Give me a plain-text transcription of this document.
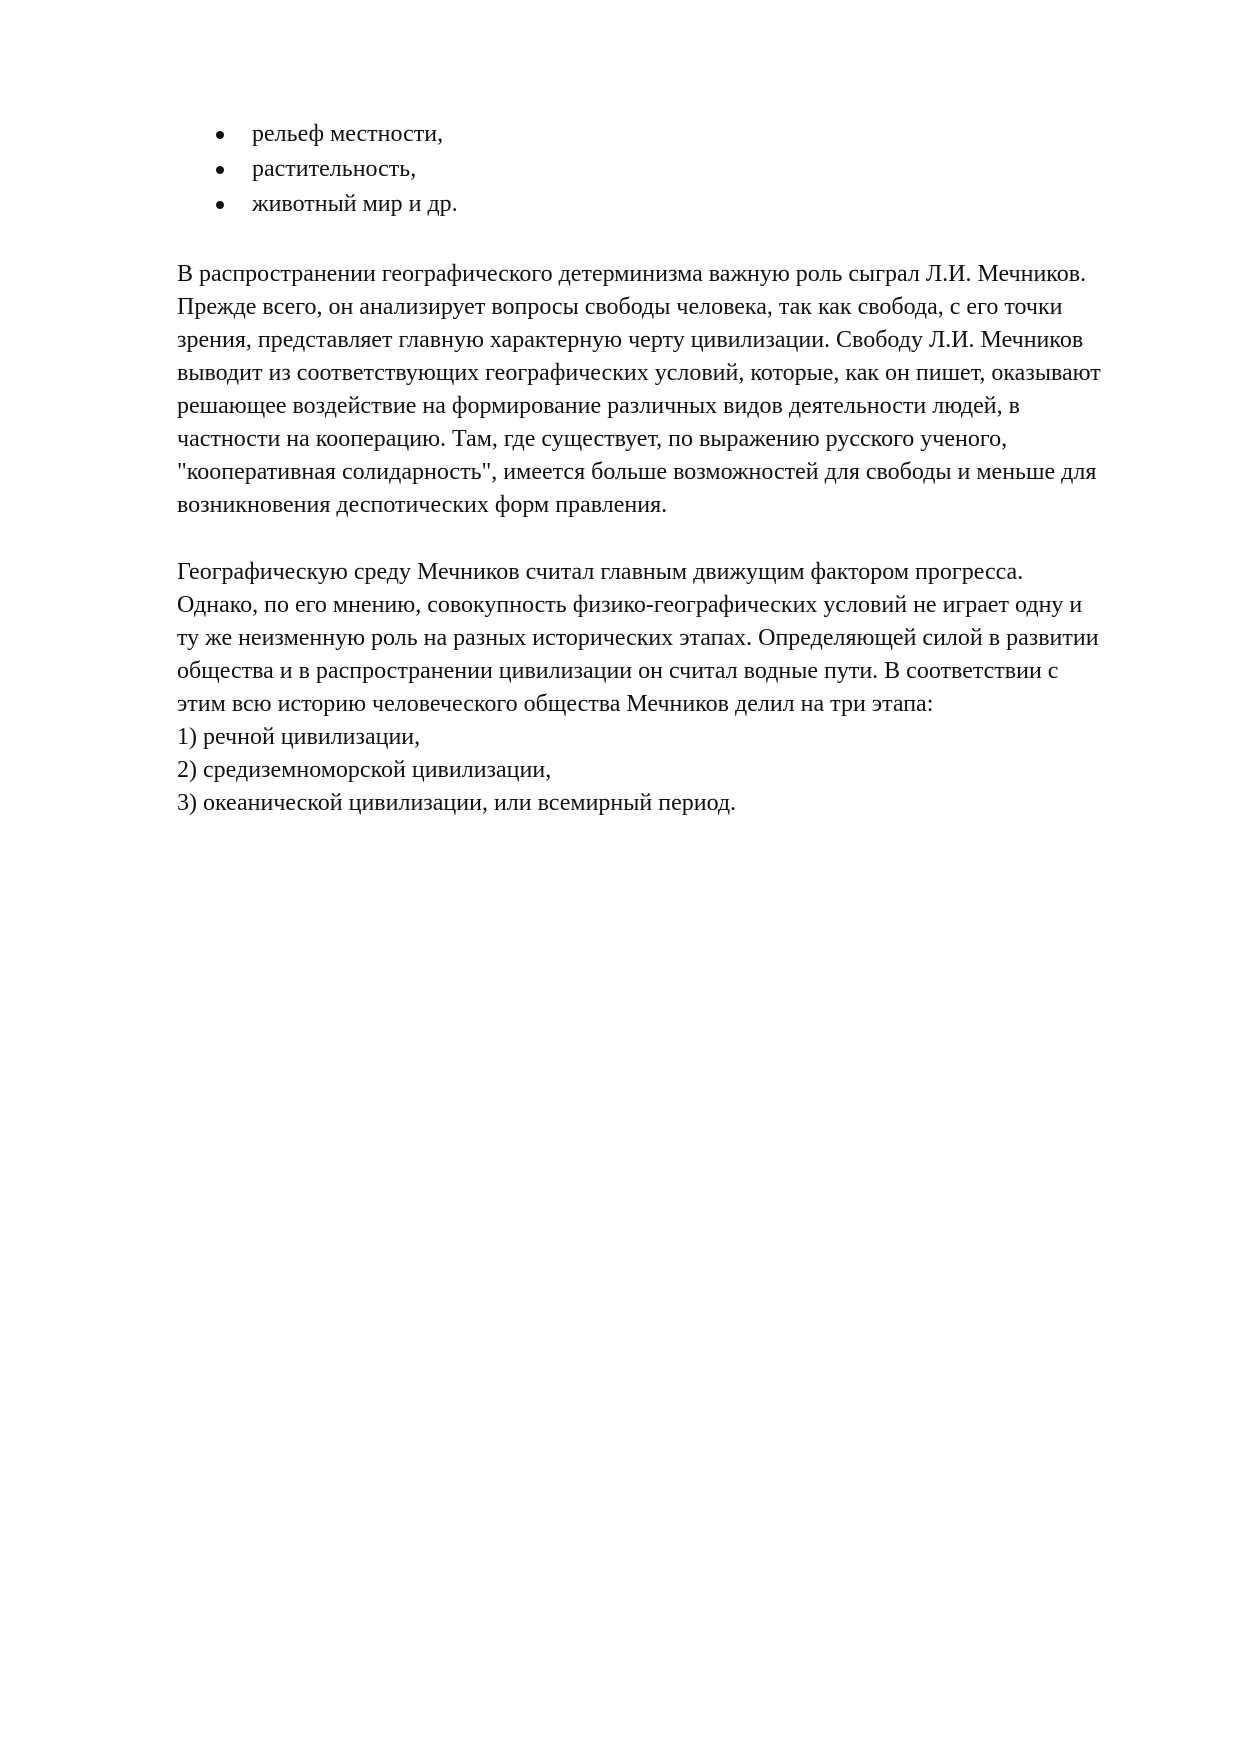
рельеф местности,
растительность,
животный мир и др.

В распространении географического детерминизма важную роль сыграл Л.И. Мечников.
Прежде всего, он анализирует вопросы свободы человека, так как свобода, с его точки
зрения, представляет главную характерную черту цивилизации. Свободу Л.И. Мечников
выводит из соответствующих географических условий, которые, как он пишет, оказывают
решающее воздействие на формирование различных видов деятельности людей, в
частности на кооперацию. Там, где существует, по выражению русского ученого,
"кооперативная солидарность", имеется больше возможностей для свободы и меньше для
возникновения деспотических форм правления.

Географическую среду Мечников считал главным движущим фактором прогресса.
Однако, по его мнению, совокупность физико-географических условий не играет одну и
ту же неизменную роль на разных исторических этапах. Определяющей силой в развитии
общества и в распространении цивилизации он считал водные пути. В соответствии с
этим всю историю человеческого общества Мечников делил на три этапа:
1) речной цивилизации,
2) средиземноморской цивилизации,
3) океанической цивилизации, или всемирный период.
